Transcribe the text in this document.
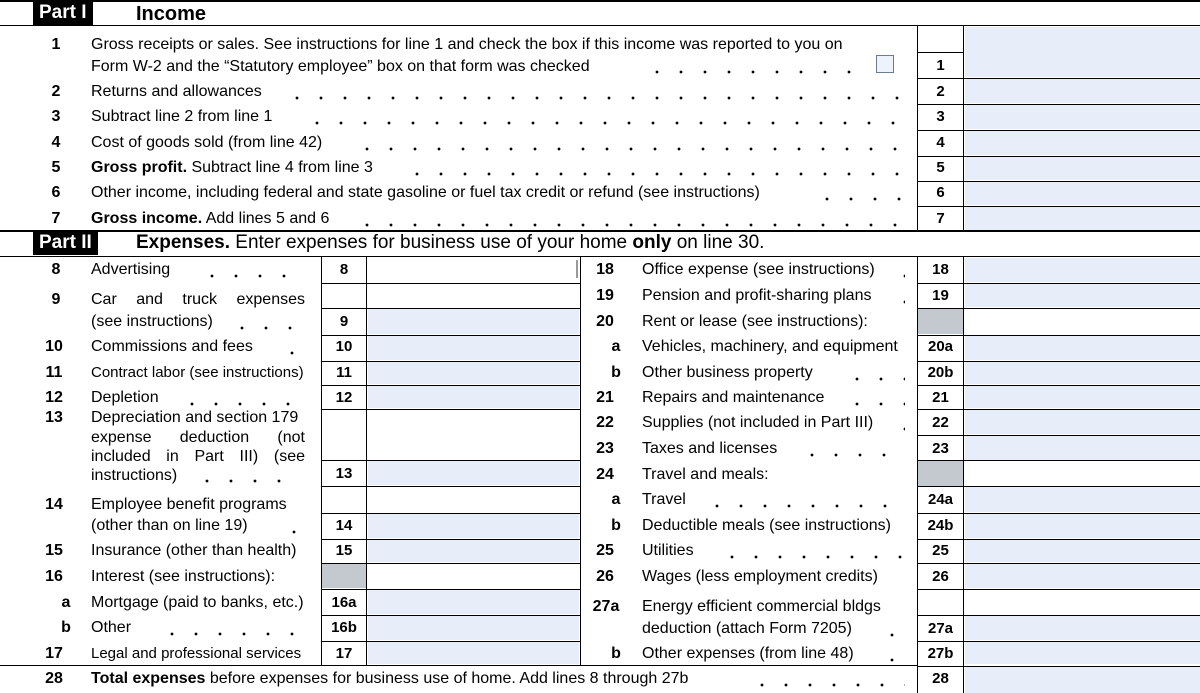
Part I	Income
1	Gross receipts or sales. See instructions for line 1 and check the box if this income was reported to you on
Form W-2 and the “Statutory employee” box on that form was checked	1
2	Returns and allowances	2
3	Subtract line 2 from line 1	3
4	Cost of goods sold (from line 42)	4
5	Gross profit. Subtract line 4 from line 3	5
6	Other income, including federal and state gasoline or fuel tax credit or refund (see instructions)	6
7	Gross income. Add lines 5 and 6	7
Part II	Expenses. Enter expenses for business use of your home only on line 30.
8	Advertising	8
9	Car and truck expenses
(see instructions)	9
10	Commissions and fees	10
11	Contract labor (see instructions)	11
12	Depletion	12
13	Depreciation and section 179
expense deduction (not
included in Part III) (see
instructions)	13
14	Employee benefit programs
(other than on line 19)	14
15	Insurance (other than health)	15
16	Interest (see instructions):
a	Mortgage (paid to banks, etc.)	16a
b	Other	16b
17	Legal and professional services	17
18	Office expense (see instructions)	18
19	Pension and profit-sharing plans	19
20	Rent or lease (see instructions):
a	Vehicles, machinery, and equipment	20a
b	Other business property	20b
21	Repairs and maintenance	21
22	Supplies (not included in Part III)	22
23	Taxes and licenses	23
24	Travel and meals:
a	Travel	24a
b	Deductible meals (see instructions)	24b
25	Utilities	25
26	Wages (less employment credits)	26
27a Energy efficient commercial bldgs
deduction (attach Form 7205)	27a
b	Other expenses (from line 48)	27b
28	Total expenses before expenses for business use of home. Add lines 8 through 27b	28
